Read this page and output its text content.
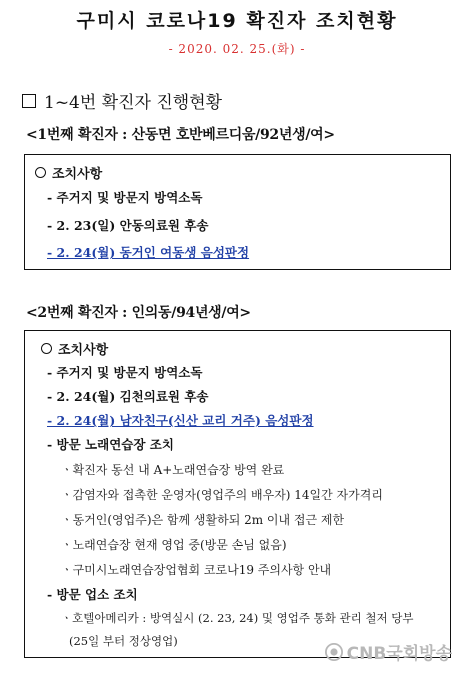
구미시 코로나19 확진자 조치현황
- 2020. 02. 25.(화) -
1~4번 확진자 진행현황
<1번째 확진자 : 산동면 호반베르디움/92년생/여>
조치사항
- 주거지 및 방문지 방역소독
- 2. 23(일) 안동의료원 후송
- 2. 24(월) 동거인 여동생 음성판정
<2번째 확진자 : 인의동/94년생/여>
조치사항
- 주거지 및 방문지 방역소독
- 2. 24(월) 김천의료원 후송
- 2. 24(월) 남자친구(신산 교리 거주) 음성판정
- 방문 노래연습장 조치
ㆍ확진자 동선 내 A+노래연습장 방역 완료
ㆍ감염자와 접촉한 운영자(영업주의 배우자) 14일간 자가격리
ㆍ동거인(영업주)은 함께 생활하되 2m 이내 접근 제한
ㆍ노래연습장 현재 영업 중(방문 손님 없음)
ㆍ구미시노래연습장업협회 코로나19 주의사항 안내
- 방문 업소 조치
ㆍ호텔아메리카 : 방역실시 (2. 23, 24) 및 영업주 통화 관리 철저 당부
(25일 부터 정상영업)
CNB국회방송
